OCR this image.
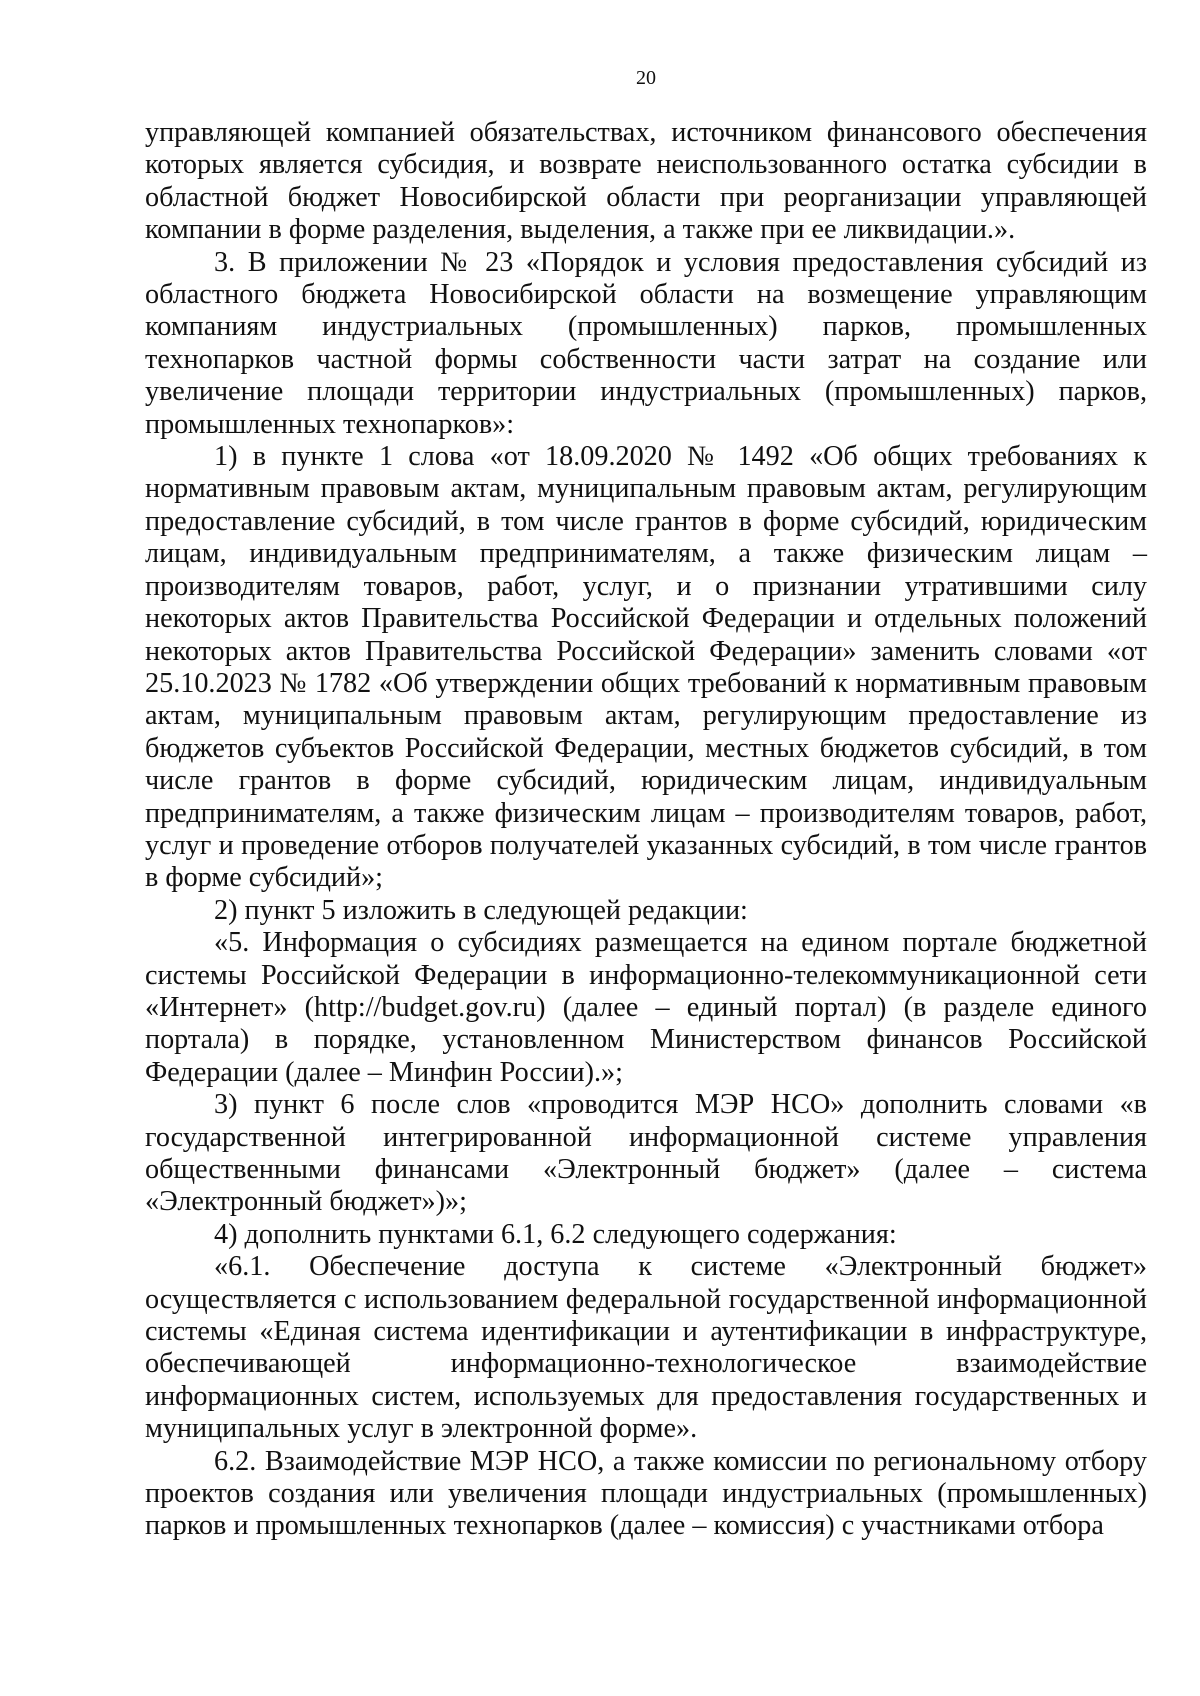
20

управляющей компанией обязательствах, источником финансового обеспечения которых является субсидия, и возврате неиспользованного остатка субсидии в областной бюджет Новосибирской области при реорганизации управляющей компании в форме разделения, выделения, а также при ее ликвидации.».

3. В приложении № 23 «Порядок и условия предоставления субсидий из областного бюджета Новосибирской области на возмещение управляющим компаниям индустриальных (промышленных) парков, промышленных технопарков частной формы собственности части затрат на создание или увеличение площади территории индустриальных (промышленных) парков, промышленных технопарков»:

1) в пункте 1 слова «от 18.09.2020 № 1492 «Об общих требованиях к нормативным правовым актам, муниципальным правовым актам, регулирующим предоставление субсидий, в том числе грантов в форме субсидий, юридическим лицам, индивидуальным предпринимателям, а также физическим лицам – производителям товаров, работ, услуг, и о признании утратившими силу некоторых актов Правительства Российской Федерации и отдельных положений некоторых актов Правительства Российской Федерации» заменить словами «от 25.10.2023 № 1782 «Об утверждении общих требований к нормативным правовым актам, муниципальным правовым актам, регулирующим предоставление из бюджетов субъектов Российской Федерации, местных бюджетов субсидий, в том числе грантов в форме субсидий, юридическим лицам, индивидуальным предпринимателям, а также физическим лицам – производителям товаров, работ, услуг и проведение отборов получателей указанных субсидий, в том числе грантов в форме субсидий»;

2) пункт 5 изложить в следующей редакции:

«5. Информация о субсидиях размещается на едином портале бюджетной системы Российской Федерации в информационно-телекоммуникационной сети «Интернет» (http://budget.gov.ru) (далее – единый портал) (в разделе единого портала) в порядке, установленном Министерством финансов Российской Федерации (далее – Минфин России).»;

3) пункт 6 после слов «проводится МЭР НСО» дополнить словами «в государственной интегрированной информационной системе управления общественными финансами «Электронный бюджет» (далее – система «Электронный бюджет»)»;

4) дополнить пунктами 6.1, 6.2 следующего содержания:

«6.1. Обеспечение доступа к системе «Электронный бюджет» осуществляется с использованием федеральной государственной информационной системы «Единая система идентификации и аутентификации в инфраструктуре, обеспечивающей информационно-технологическое взаимодействие информационных систем, используемых для предоставления государственных и муниципальных услуг в электронной форме».

6.2. Взаимодействие МЭР НСО, а также комиссии по региональному отбору проектов создания или увеличения площади индустриальных (промышленных) парков и промышленных технопарков (далее – комиссия) с участниками отбора
